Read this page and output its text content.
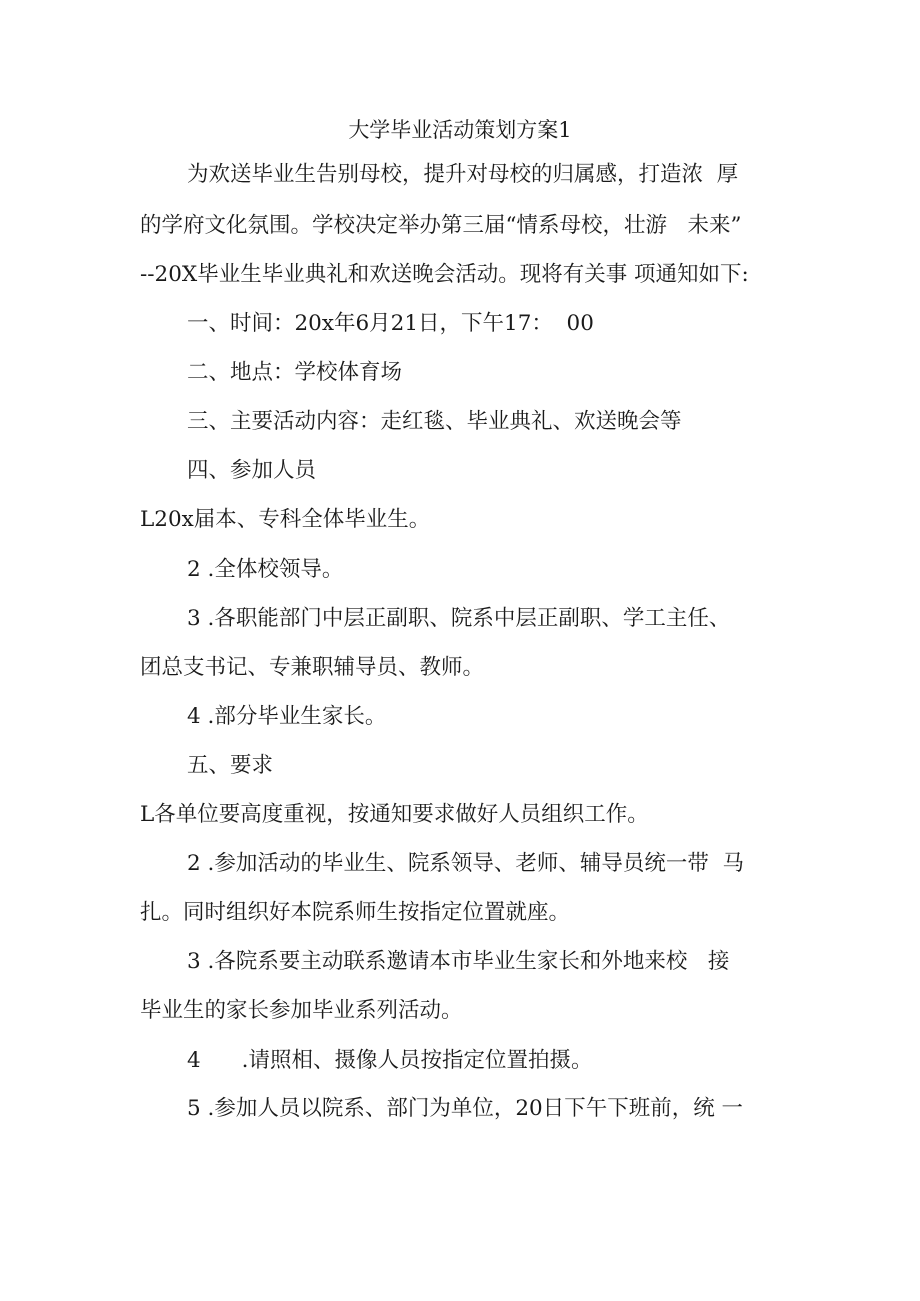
大学毕业活动策划方案1
为欢送毕业生告别母校，提升对母校的归属感，打造浓  厚
的学府文化氛围。学校决定举办第三届“情系母校，壮游   未来”
--20X毕业生毕业典礼和欢送晚会活动。现将有关事 项通知如下:
一、时间：20x年6月21日，下午17：  00
二、地点：学校体育场
三、主要活动内容：走红毯、毕业典礼、欢送晚会等
四、参加人员
L20x届本、专科全体毕业生。
2 .全体校领导。
3 .各职能部门中层正副职、院系中层正副职、学工主任、
团总支书记、专兼职辅导员、教师。
4 .部分毕业生家长。
五、要求
L各单位要高度重视，按通知要求做好人员组织工作。
2 .参加活动的毕业生、院系领导、老师、辅导员统一带  马
扎。同时组织好本院系师生按指定位置就座。
3 .各院系要主动联系邀请本市毕业生家长和外地来校   接
毕业生的家长参加毕业系列活动。
4      .请照相、摄像人员按指定位置拍摄。
5 .参加人员以院系、部门为单位，20日下午下班前，统 一
